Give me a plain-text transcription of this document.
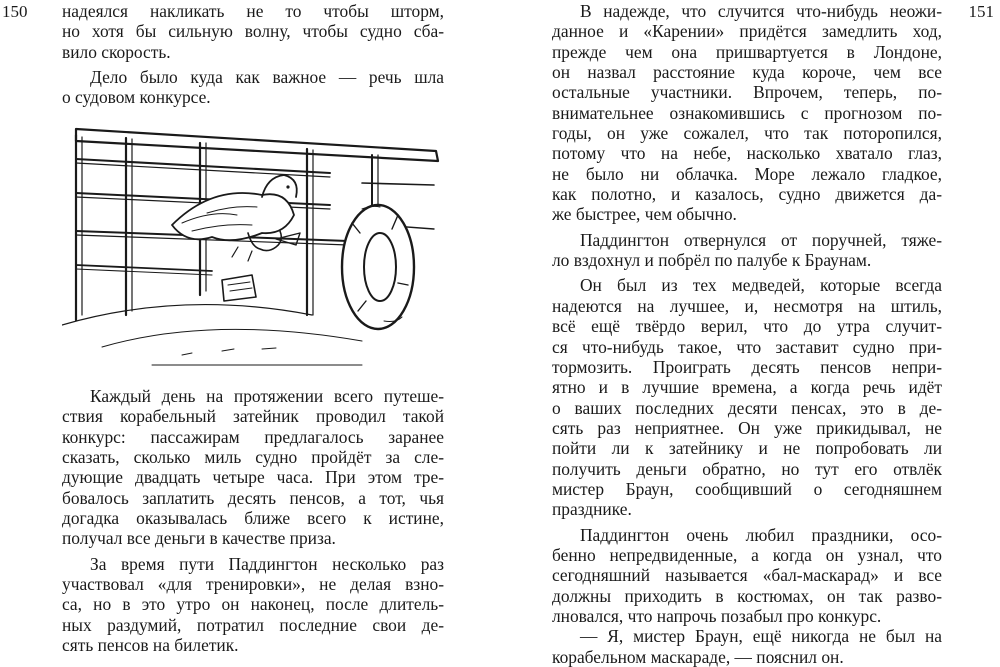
150	151
надеялся накликать не то чтобы шторм,
но хотя бы сильную волну, чтобы судно сба-
вило скорость.
Дело было куда как важное — речь шла
о судовом конкурсе.
Каждый день на протяжении всего путеше-
ствия корабельный затейник проводил такой
конкурс: пассажирам предлагалось заранее
сказать, сколько миль судно пройдёт за сле-
дующие двадцать четыре часа. При этом тре-
бовалось заплатить десять пенсов, а тот, чья
догадка оказывалась ближе всего к истине,
получал все деньги в качестве приза.
За время пути Паддингтон несколько раз
участвовал «для тренировки», не делая взно-
са, но в это утро он наконец, после длитель-
ных раздумий, потратил последние свои де-
сять пенсов на билетик.
В надежде, что случится что-нибудь неожи-
данное и «Карении» придётся замедлить ход,
прежде чем она пришвартуется в Лондоне,
он назвал расстояние куда короче, чем все
остальные участники. Впрочем, теперь, по-
внимательнее ознакомившись с прогнозом по-
годы, он уже сожалел, что так поторопился,
потому что на небе, насколько хватало глаз,
не было ни облачка. Море лежало гладкое,
как полотно, и казалось, судно движется да-
же быстрее, чем обычно.
Паддингтон отвернулся от поручней, тяже-
ло вздохнул и побрёл по палубе к Браунам.
Он был из тех медведей, которые всегда
надеются на лучшее, и, несмотря на штиль,
всё ещё твёрдо верил, что до утра случит-
ся что-нибудь такое, что заставит судно при-
тормозить. Проиграть десять пенсов непри-
ятно и в лучшие времена, а когда речь идёт
о ваших последних десяти пенсах, это в де-
сять раз неприятнее. Он уже прикидывал, не
пойти ли к затейнику и не попробовать ли
получить деньги обратно, но тут его отвлёк
мистер Браун, сообщивший о сегодняшнем
празднике.
Паддингтон очень любил праздники, осо-
бенно непредвиденные, а когда он узнал, что
сегодняшний называется «бал-маскарад» и все
должны приходить в костюмах, он так разво-
лновался, что напрочь позабыл про конкурс.
— Я, мистер Браун, ещё никогда не был на
корабельном маскараде, — пояснил он.
